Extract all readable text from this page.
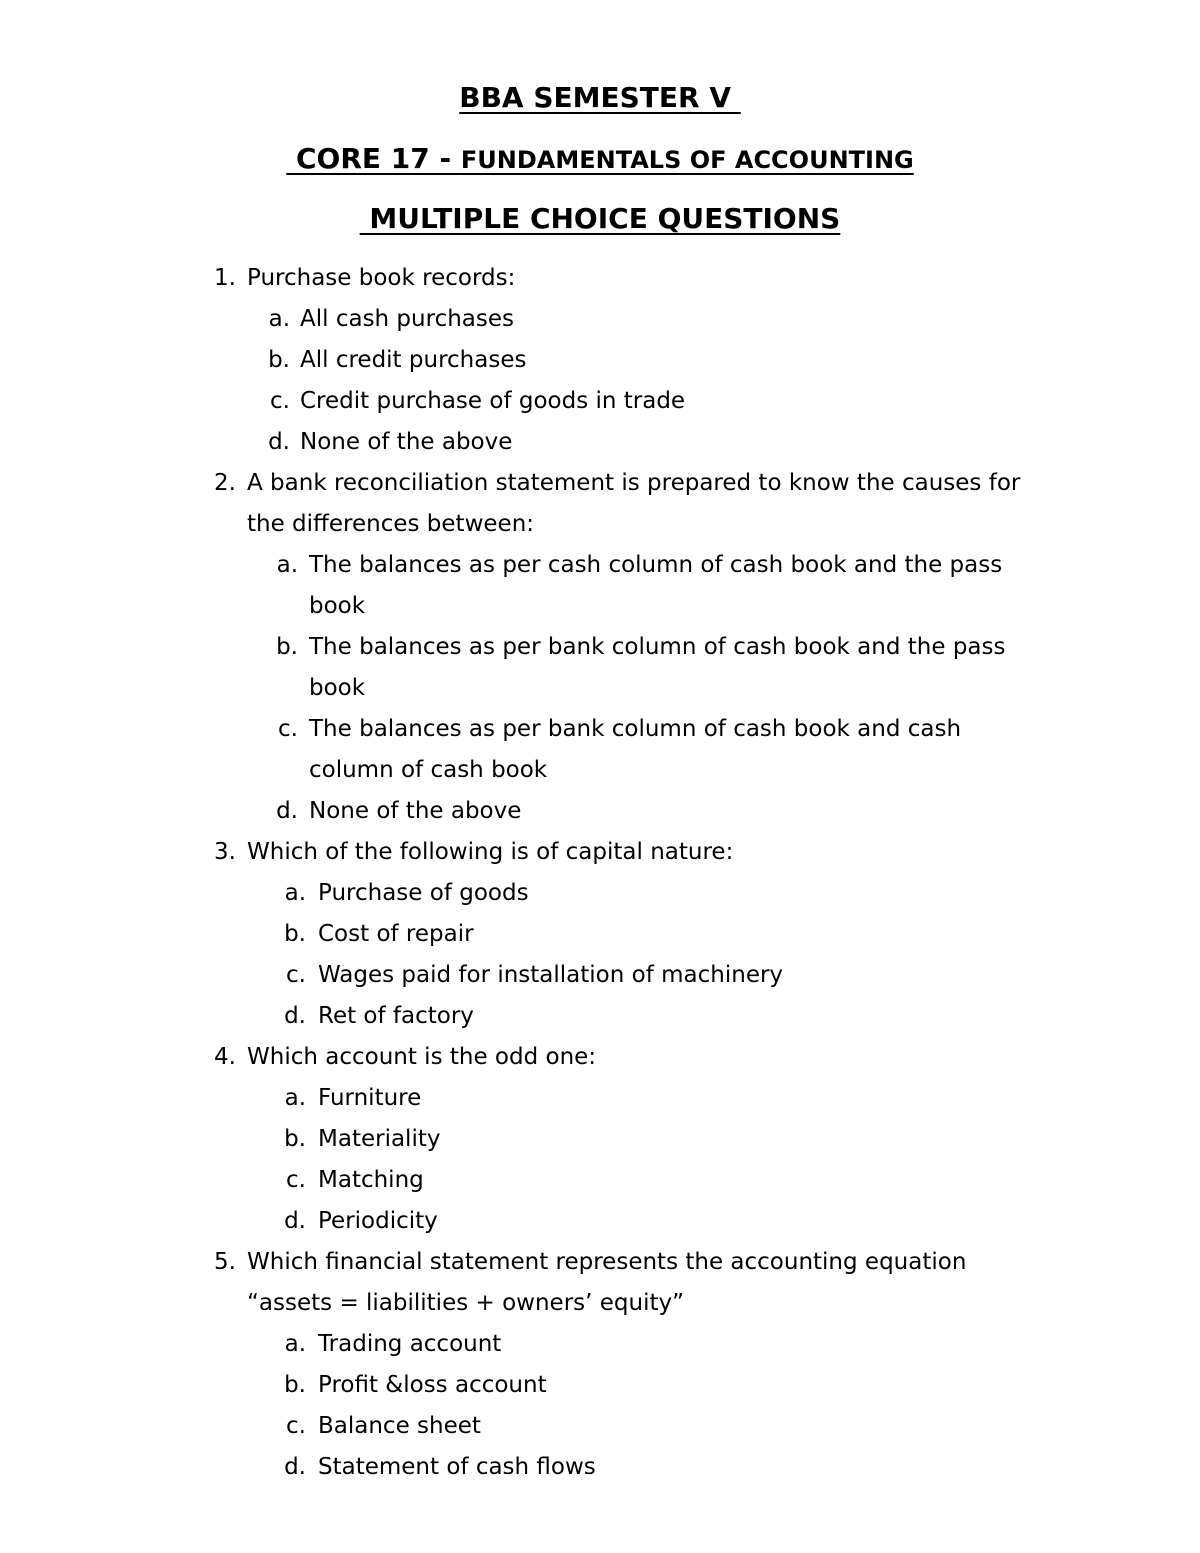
BBA SEMESTER V
CORE 17 - FUNDAMENTALS OF ACCOUNTING
MULTIPLE CHOICE QUESTIONS
1. Purchase book records:
a. All cash purchases
b. All credit purchases
c. Credit purchase of goods in trade
d. None of the above
2. A bank reconciliation statement is prepared to know the causes for
the differences between:
a. The balances as per cash column of cash book and the pass
book
b. The balances as per bank column of cash book and the pass
book
c. The balances as per bank column of cash book and cash
column of cash book
d. None of the above
3. Which of the following is of capital nature:
a. Purchase of goods
b. Cost of repair
c. Wages paid for installation of machinery
d. Ret of factory
4. Which account is the odd one:
a. Furniture
b. Materiality
c. Matching
d. Periodicity
5. Which financial statement represents the accounting equation
“assets = liabilities + owners’ equity”
a. Trading account
b. Profit &loss account
c. Balance sheet
d. Statement of cash flows
